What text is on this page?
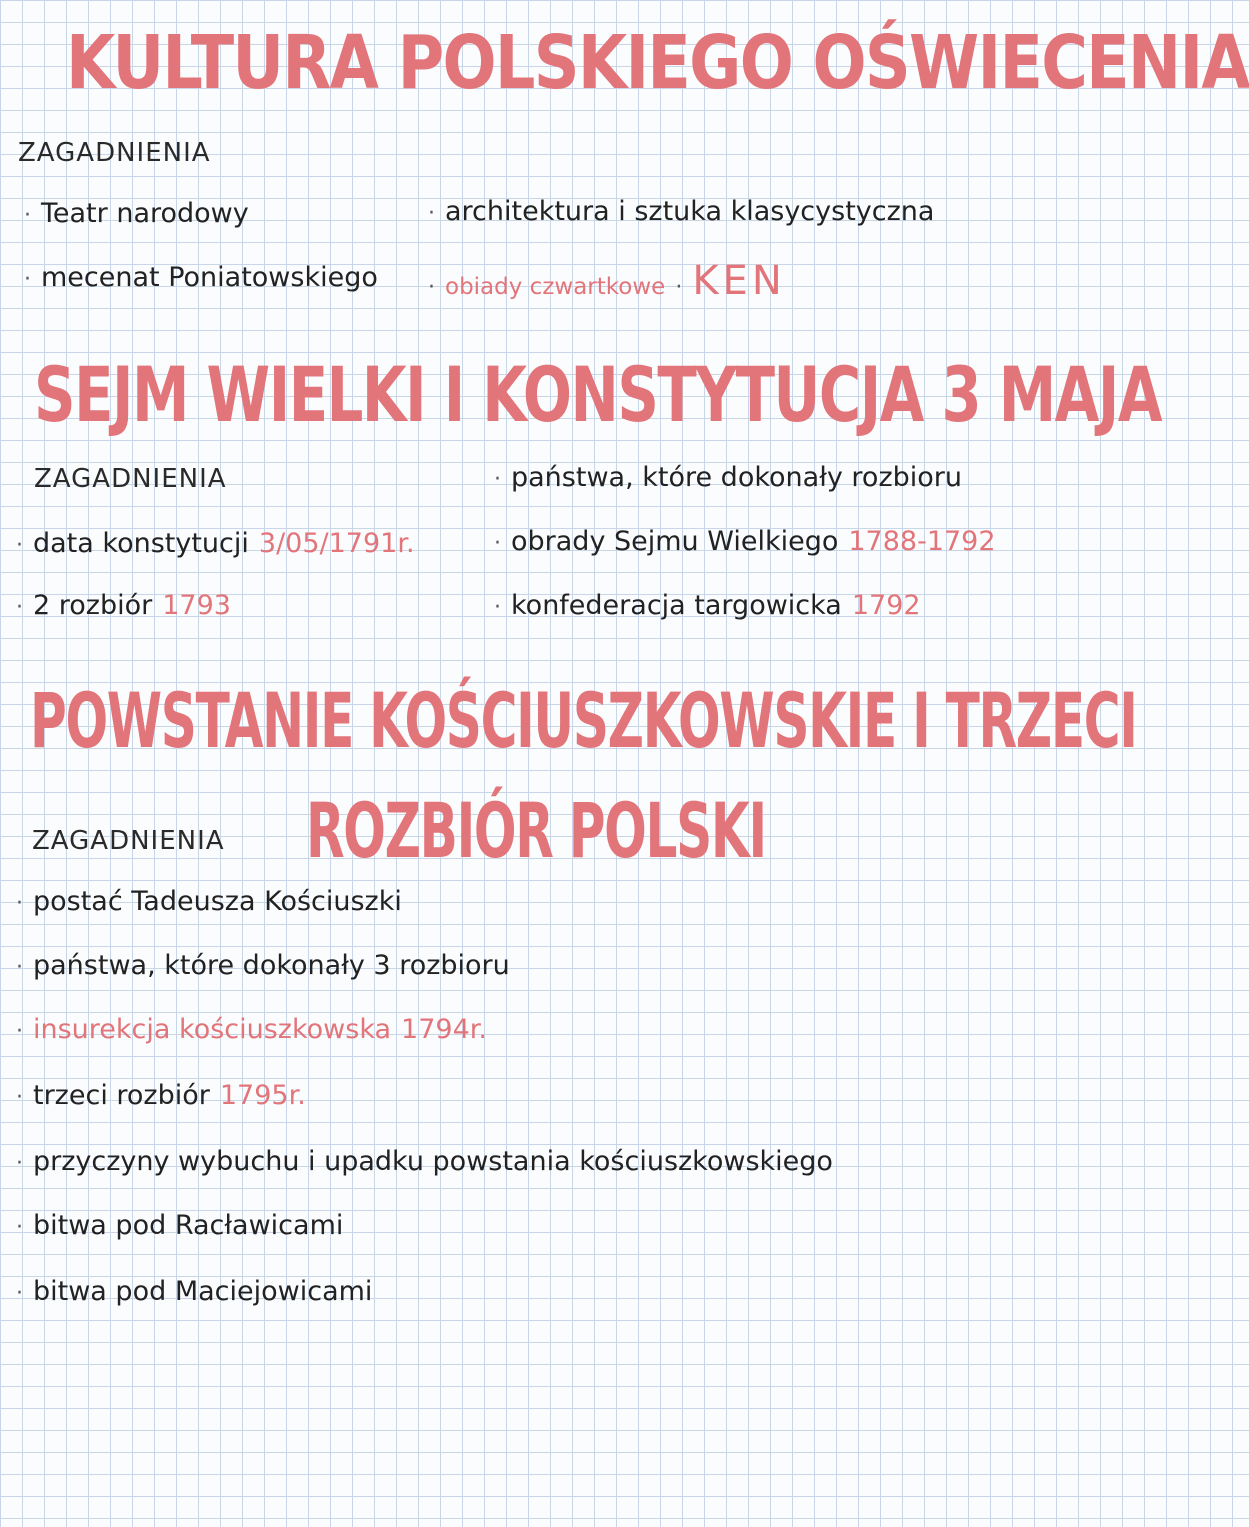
KULTURA POLSKIEGO OŚWIECENIA
ZAGADNIENIA
· Teatr narodowy
· mecenat Poniatowskiego
· architektura i sztuka klasycystyczna
· obiady czwartkowe · KEN
SEJM WIELKI I KONSTYTUCJA 3 MAJA
ZAGADNIENIA
· data konstytucji 3/05/1791r.
· 2 rozbiór 1793
· państwa, które dokonały rozbioru
· obrady Sejmu Wielkiego 1788-1792
· konfederacja targowicka 1792
POWSTANIE KOŚCIUSZKOWSKIE I TRZECI
ROZBIÓR POLSKI
ZAGADNIENIA
· postać Tadeusza Kościuszki
· państwa, które dokonały 3 rozbioru
· insurekcja kościuszkowska 1794r.
· trzeci rozbiór 1795r.
· przyczyny wybuchu i upadku powstania kościuszkowskiego
· bitwa pod Racławicami
· bitwa pod Maciejowicami
